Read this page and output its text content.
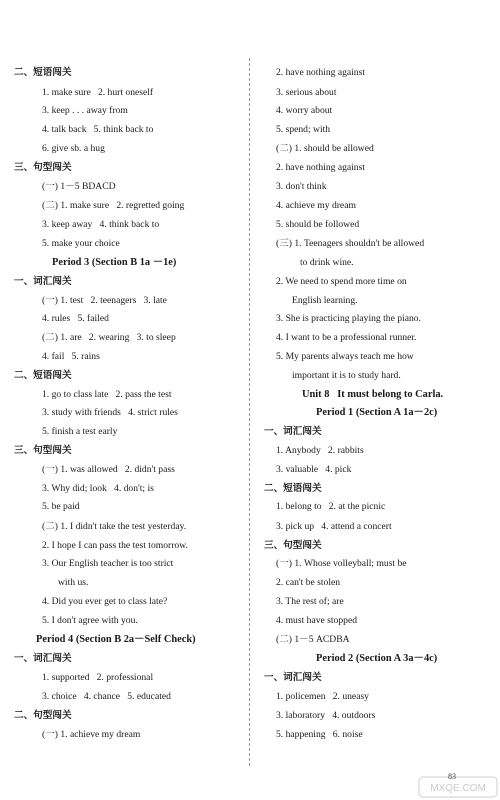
二、短语闯关
1. make sure   2. hurt oneself
3. keep . . . away from
4. talk back   5. think back to
6. give sb. a hug
三、句型闯关
(一) 1－5 BDACD
(二) 1. make sure   2. regretted going
3. keep away   4. think back to
5. make your choice
Period 3 (Section B 1a －1e)
一、词汇闯关
(一) 1. test   2. teenagers   3. late
4. rules   5. failed
(二) 1. are   2. wearing   3. to sleep
4. fail   5. rains
二、短语闯关
1. go to class late   2. pass the test
3. study with friends   4. strict rules
5. finish a test early
三、句型闯关
(一) 1. was allowed   2. didn't pass
3. Why did; look   4. don't; is
5. be paid
(二) 1. I didn't take the test yesterday.
2. I hope I can pass the test tomorrow.
3. Our English teacher is too strict
with us.
4. Did you ever get to class late?
5. I don't agree with you.
Period 4 (Section B 2a－Self Check)
一、词汇闯关
1. supported   2. professional
3. choice   4. chance   5. educated
二、句型闯关
(一) 1. achieve my dream
2. have nothing against
3. serious about
4. worry about
5. spend; with
(二) 1. should be allowed
2. have nothing against
3. don't think
4. achieve my dream
5. should be followed
(三) 1. Teenagers shouldn't be allowed
to drink wine.
2. We need to spend more time on
English learning.
3. She is practicing playing the piano.
4. I want to be a professional runner.
5. My parents always teach me how
important it is to study hard.
Unit 8   It must belong to Carla.
Period 1 (Section A 1a－2c)
一、词汇闯关
1. Anybody   2. rabbits
3. valuable   4. pick
二、短语闯关
1. belong to   2. at the picnic
3. pick up   4. attend a concert
三、句型闯关
(一) 1. Whose volleyball; must be
2. can't be stolen
3. The rest of; are
4. must have stopped
(二) 1－5 ACDBA
Period 2 (Section A 3a－4c)
一、词汇闯关
1. policemen   2. uneasy
3. laboratory   4. outdoors
5. happening   6. noise
83
MXQE.COM
